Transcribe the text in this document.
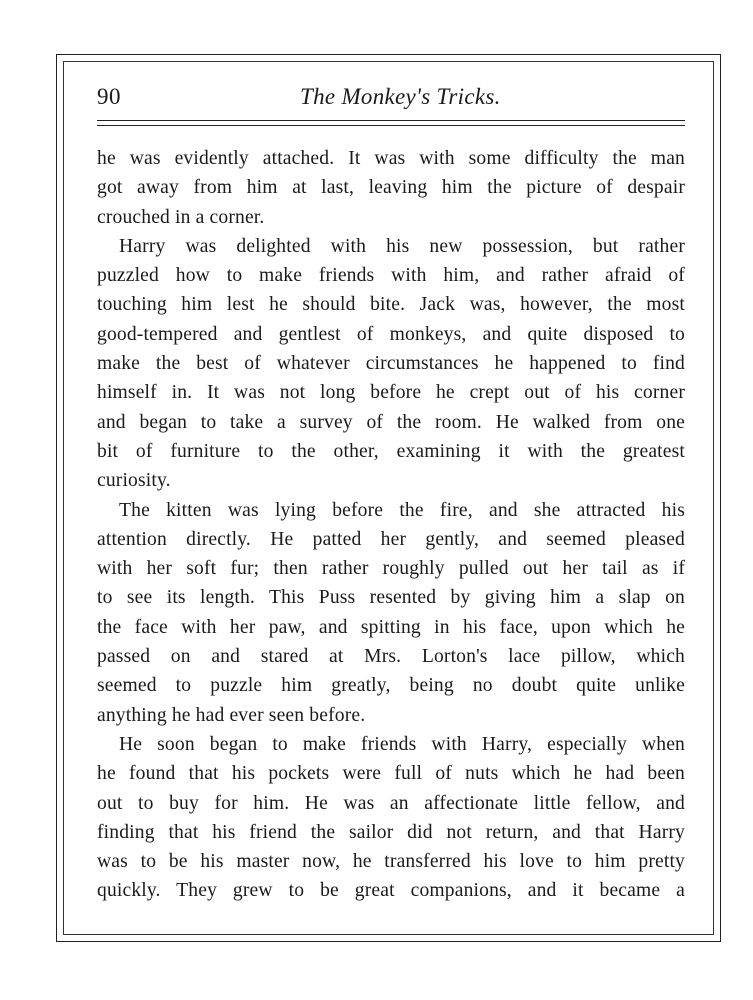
90	The Monkey's Tricks.

he was evidently attached. It was with some difficulty the man
got away from him at last, leaving him the picture of despair
crouched in a corner.

Harry was delighted with his new possession, but rather
puzzled how to make friends with him, and rather afraid of
touching him lest he should bite. Jack was, however, the most
good-tempered and gentlest of monkeys, and quite disposed to
make the best of whatever circumstances he happened to find
himself in. It was not long before he crept out of his corner
and began to take a survey of the room. He walked from one
bit of furniture to the other, examining it with the greatest
curiosity.

The kitten was lying before the fire, and she attracted his
attention directly. He patted her gently, and seemed pleased
with her soft fur; then rather roughly pulled out her tail as if
to see its length. This Puss resented by giving him a slap on
the face with her paw, and spitting in his face, upon which he
passed on and stared at Mrs. Lorton's lace pillow, which
seemed to puzzle him greatly, being no doubt quite unlike
anything he had ever seen before.

He soon began to make friends with Harry, especially when
he found that his pockets were full of nuts which he had been
out to buy for him. He was an affectionate little fellow, and
finding that his friend the sailor did not return, and that Harry
was to be his master now, he transferred his love to him pretty
quickly. They grew to be great companions, and it became a
